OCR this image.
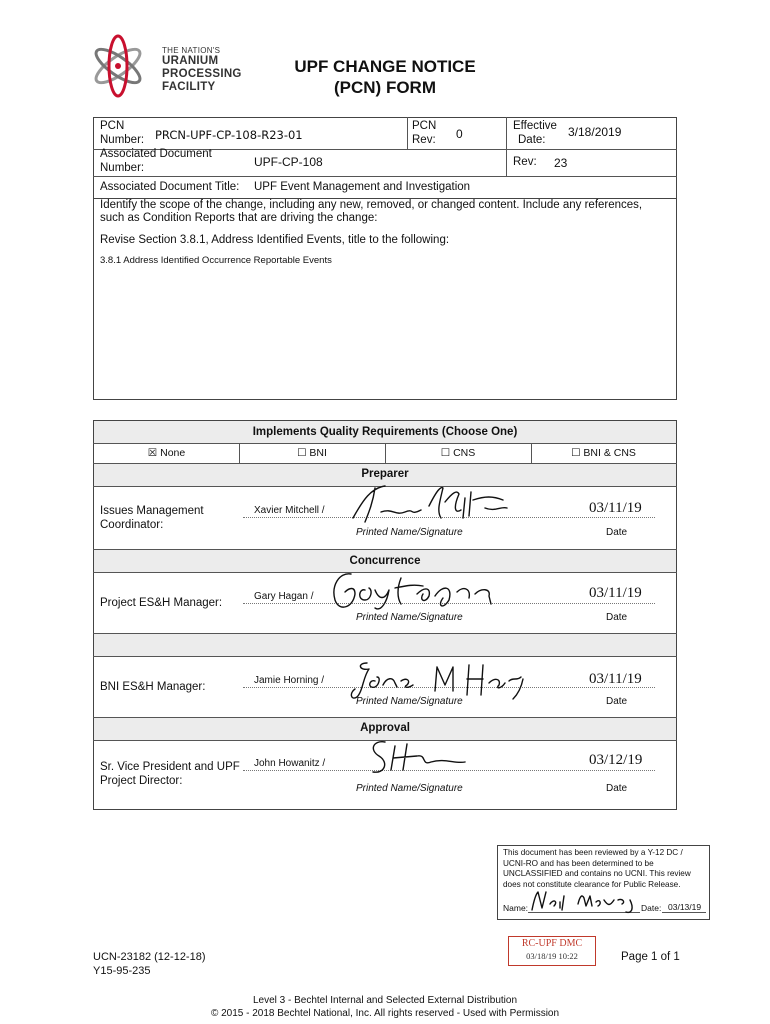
THE NATION'S
URANIUM
PROCESSING
FACILITY
UPF CHANGE NOTICE
(PCN) FORM
PCN
Number: PRCN-UPF-CP-108-R23-01
PCN
Rev: 0
Effective
Date:
3/18/2019
Associated Document
Number:	UPF-CP-108	Rev: 23
Associated Document Title: UPF Event Management and Investigation
Identify the scope of the change, including any new, removed, or changed content. Include any references, such as Condition Reports that are driving the change:
Revise Section 3.8.1, Address Identified Events, title to the following:
3.8.1 Address Identified Occurrence Reportable Events
Implements Quality Requirements (Choose One)
☒ None	☐ BNI	☐ CNS	☐ BNI & CNS
Preparer
Issues Management
Coordinator:
Xavier Mitchell /	03/11/19
Printed Name/Signature	Date
Concurrence
Project ES&H Manager:
Gary Hagan /	03/11/19
Printed Name/Signature	Date
BNI ES&H Manager:
Jamie Horning /	03/11/19
Printed Name/Signature	Date
Approval
Sr. Vice President and UPF
Project Director:
John Howanitz /	03/12/19
Printed Name/Signature	Date
This document has been reviewed by a Y-12 DC / UCNI-RO and has been determined to be UNCLASSIFIED and contains no UCNI. This review does not constitute clearance for Public Release.
Name:	Date: 03/13/19
RC-UPF DMC
03/18/19 10:22
UCN-23182 (12-12-18)
Y15-95-235
Page 1 of 1
Level 3 - Bechtel Internal and Selected External Distribution
© 2015 - 2018 Bechtel National, Inc. All rights reserved - Used with Permission
